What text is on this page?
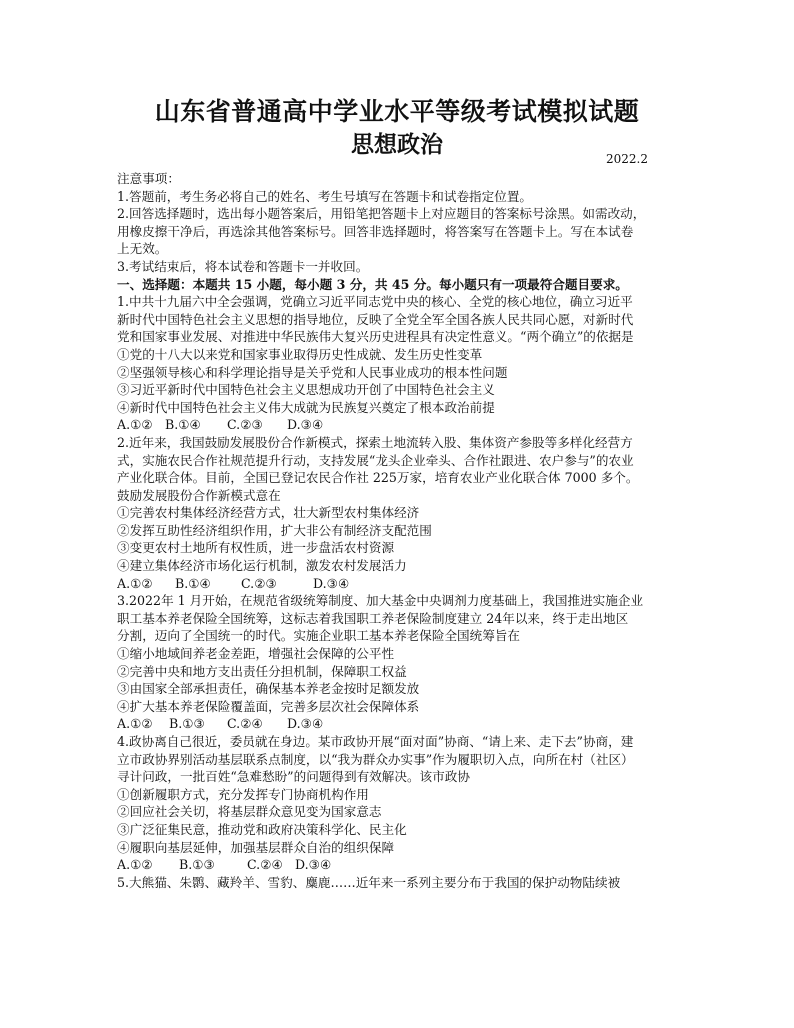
山东省普通高中学业水平等级考试模拟试题
思想政治
2022.2
注意事项：
1.答题前，考生务必将自己的姓名、考生号填写在答题卡和试卷指定位置。
2.回答选择题时，选出每小题答案后，用铅笔把答题卡上对应题目的答案标号涂黑。如需改动，
用橡皮擦干净后，再选涂其他答案标号。回答非选择题时，将答案写在答题卡上。写在本试卷
上无效。
3.考试结束后，将本试卷和答题卡一并收回。
一、选择题：本题共 15 小题，每小题 3 分，共 45 分。每小题只有一项最符合题目要求。
1.中共十九届六中全会强调，党确立习近平同志党中央的核心、全党的核心地位，确立习近平
新时代中国特色社会主义思想的指导地位，反映了全党全军全国各族人民共同心愿，对新时代
党和国家事业发展、对推进中华民族伟大复兴历史进程具有决定性意义。“两个确立”的依据是
①党的十八大以来党和国家事业取得历史性成就、发生历史性变革
②坚强领导核心和科学理论指导是关乎党和人民事业成功的根本性问题
③习近平新时代中国特色社会主义思想成功开创了中国特色社会主义
④新时代中国特色社会主义伟大成就为民族复兴奠定了根本政治前提
A.①② B.①④ C.②③ D.③④
2.近年来，我国鼓励发展股份合作新模式，探索土地流转入股、集体资产参股等多样化经营方
式，实施农民合作社规范提升行动，支持发展“龙头企业牵头、合作社跟进、农户参与”的农业
产业化联合体。目前，全国已登记农民合作社 225万家，培育农业产业化联合体 7000 多个。
鼓励发展股份合作新模式意在
①完善农村集体经济经营方式，壮大新型农村集体经济
②发挥互助性经济组织作用，扩大非公有制经济支配范围
③变更农村土地所有权性质，进一步盘活农村资源
④建立集体经济市场化运行机制，激发农村发展活力
A.①② B.①④ C.②③	D.③④
3.2022年 1 月开始，在规范省级统筹制度、加大基金中央调剂力度基础上，我国推进实施企业
职工基本养老保险全国统筹，这标志着我国职工养老保险制度建立 24年以来，终于走出地区
分割，迈向了全国统一的时代。实施企业职工基本养老保险全国统筹旨在
①缩小地域间养老金差距，增强社会保障的公平性
②完善中央和地方支出责任分担机制，保障职工权益
③由国家全部承担责任，确保基本养老金按时足额发放
④扩大基本养老保险覆盖面，完善多层次社会保障体系
A.①② B.①③ C.②④ D.③④
4.政协离自己很近，委员就在身边。某市政协开展“面对面”协商、“请上来、走下去”协商，建
立市政协界别活动基层联系点制度，以“我为群众办实事”作为履职切入点，向所在村（社区）
寻计问政，一批百姓“急难愁盼”的问题得到有效解决。该市政协
①创新履职方式，充分发挥专门协商机构作用
②回应社会关切，将基层群众意见变为国家意志
③广泛征集民意，推动党和政府决策科学化、民主化
④履职向基层延伸，加强基层群众自治的组织保障
A.①② B.①③	C.②④ D.③④
5.大熊猫、朱鹮、藏羚羊、雪豹、麋鹿……近年来一系列主要分布于我国的保护动物陆续被
